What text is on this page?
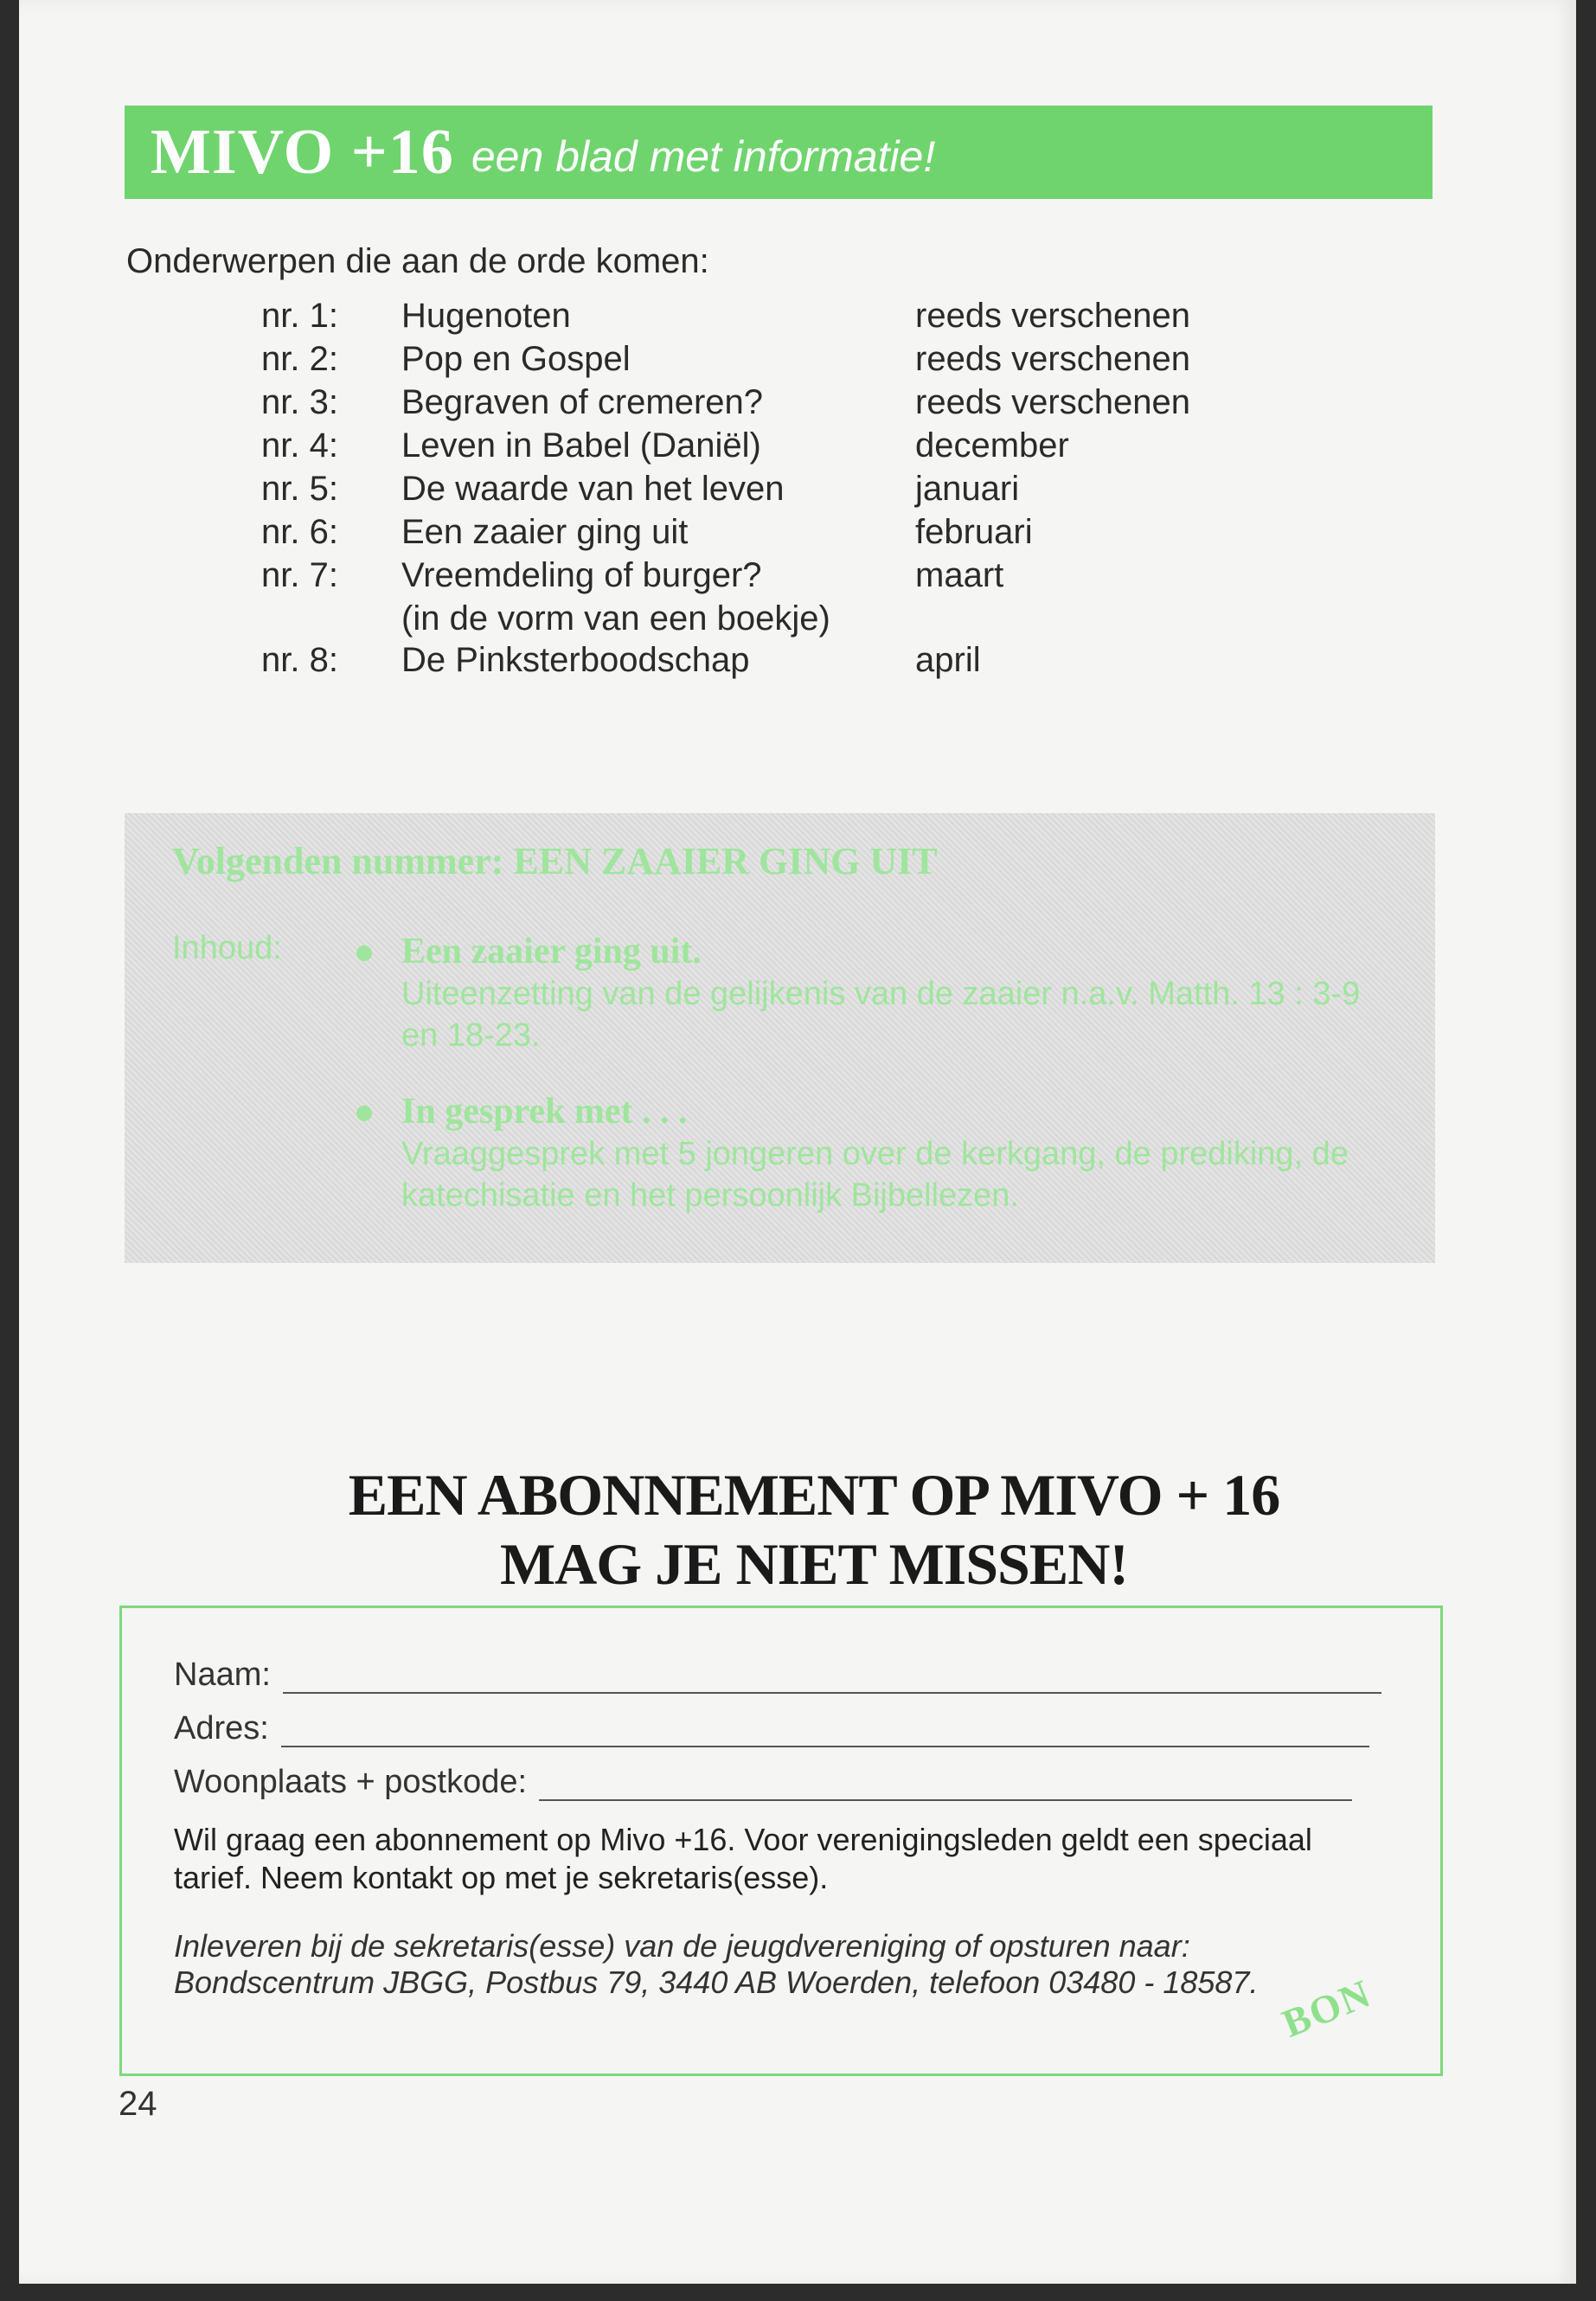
MIVO +16 een blad met informatie!
Onderwerpen die aan de orde komen:
nr. 1: Hugenoten	reeds verschenen
nr. 2: Pop en Gospel	reeds verschenen
nr. 3: Begraven of cremeren?	reeds verschenen
nr. 4: Leven in Babel (Daniël)	december
nr. 5: De waarde van het leven	januari
nr. 6: Een zaaier ging uit	februari
nr. 7: Vreemdeling of burger?	maart
(in de vorm van een boekje)
nr. 8: De Pinksterboodschap	april
Volgenden nummer: EEN ZAAIER GING UIT
Inhoud:	Een zaaier ging uit.
Uiteenzetting van de gelijkenis van de zaaier n.a.v. Matth. 13 : 3-9 en 18-23.
In gesprek met . . .
Vraaggesprek met 5 jongeren over de kerkgang, de prediking, de katechisatie en het persoonlijk Bijbellezen.
EEN ABONNEMENT OP MIVO + 16
MAG JE NIET MISSEN!
Naam:
Adres:
Woonplaats + postkode:
Wil graag een abonnement op Mivo +16. Voor verenigingsleden geldt een speciaal tarief. Neem kontakt op met je sekretaris(esse).
Inleveren bij de sekretaris(esse) van de jeugdvereniging of opsturen naar: Bondscentrum JBGG, Postbus 79, 3440 AB Woerden, telefoon 03480 - 18587. BON
24
